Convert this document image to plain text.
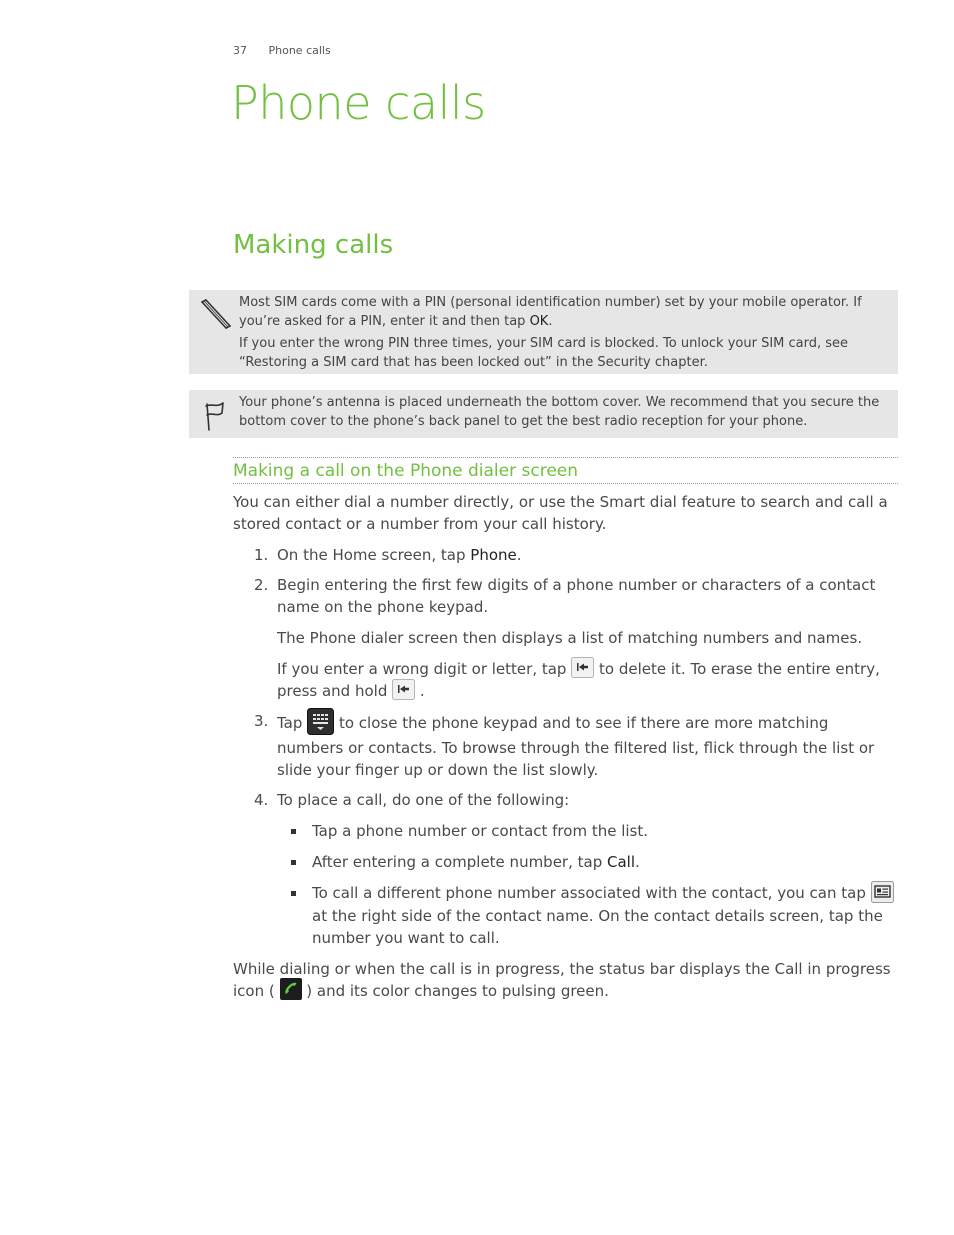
37 Phone calls
Phone calls
Making calls

Most SIM cards come with a PIN (personal identification number) set by your mobile operator. If you’re asked for a PIN, enter it and then tap OK.

If you enter the wrong PIN three times, your SIM card is blocked. To unlock your SIM card, see “Restoring a SIM card that has been locked out” in the Security chapter.

Your phone’s antenna is placed underneath the bottom cover. We recommend that you secure the bottom cover to the phone’s back panel to get the best radio reception for your phone.

Making a call on the Phone dialer screen

You can either dial a number directly, or use the Smart dial feature to search and call a stored contact or a number from your call history.

1. On the Home screen, tap Phone.
2. Begin entering the first few digits of a phone number or characters of a contact name on the phone keypad.
The Phone dialer screen then displays a list of matching numbers and names.
If you enter a wrong digit or letter, tap to delete it. To erase the entire entry, press and hold .
3. Tap to close the phone keypad and to see if there are more matching numbers or contacts. To browse through the filtered list, flick through the list or slide your finger up or down the list slowly.
4. To place a call, do one of the following:
Tap a phone number or contact from the list.
After entering a complete number, tap Call.
To call a different phone number associated with the contact, you can tap  at the right side of the contact name. On the contact details screen, tap the number you want to call.

While dialing or when the call is in progress, the status bar displays the Call in progress icon ( ) and its color changes to pulsing green.
